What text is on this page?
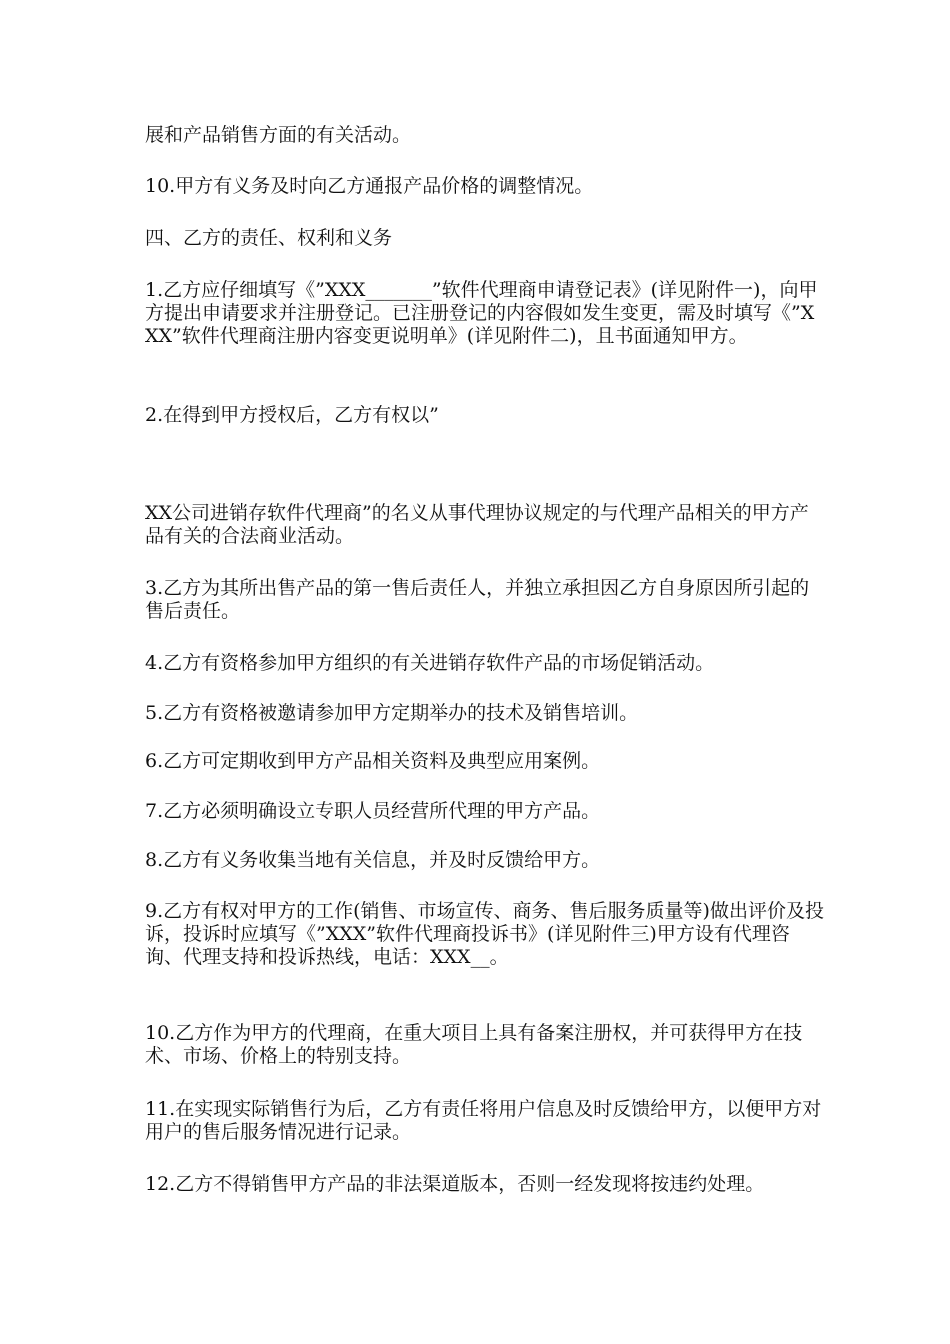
展和产品销售方面的有关活动。

10.甲方有义务及时向乙方通报产品价格的调整情况。

四、乙方的责任、权利和义务

1.乙方应仔细填写《”XXX_______”软件代理商申请登记表》(详见附件一)，向甲方提出申请要求并注册登记。已注册登记的内容假如发生变更，需及时填写《”XXX”软件代理商注册内容变更说明单》(详见附件二)，且书面通知甲方。

2.在得到甲方授权后，乙方有权以”

XX公司进销存软件代理商”的名义从事代理协议规定的与代理产品相关的甲方产品有关的合法商业活动。

3.乙方为其所出售产品的第一售后责任人，并独立承担因乙方自身原因所引起的售后责任。

4.乙方有资格参加甲方组织的有关进销存软件产品的市场促销活动。

5.乙方有资格被邀请参加甲方定期举办的技术及销售培训。

6.乙方可定期收到甲方产品相关资料及典型应用案例。

7.乙方必须明确设立专职人员经营所代理的甲方产品。

8.乙方有义务收集当地有关信息，并及时反馈给甲方。

9.乙方有权对甲方的工作(销售、市场宣传、商务、售后服务质量等)做出评价及投诉，投诉时应填写《”XXX”软件代理商投诉书》(详见附件三)甲方设有代理咨询、代理支持和投诉热线，电话：XXX__。

10.乙方作为甲方的代理商，在重大项目上具有备案注册权，并可获得甲方在技术、市场、价格上的特别支持。

11.在实现实际销售行为后，乙方有责任将用户信息及时反馈给甲方，以便甲方对用户的售后服务情况进行记录。

12.乙方不得销售甲方产品的非法渠道版本，否则一经发现将按违约处理。
